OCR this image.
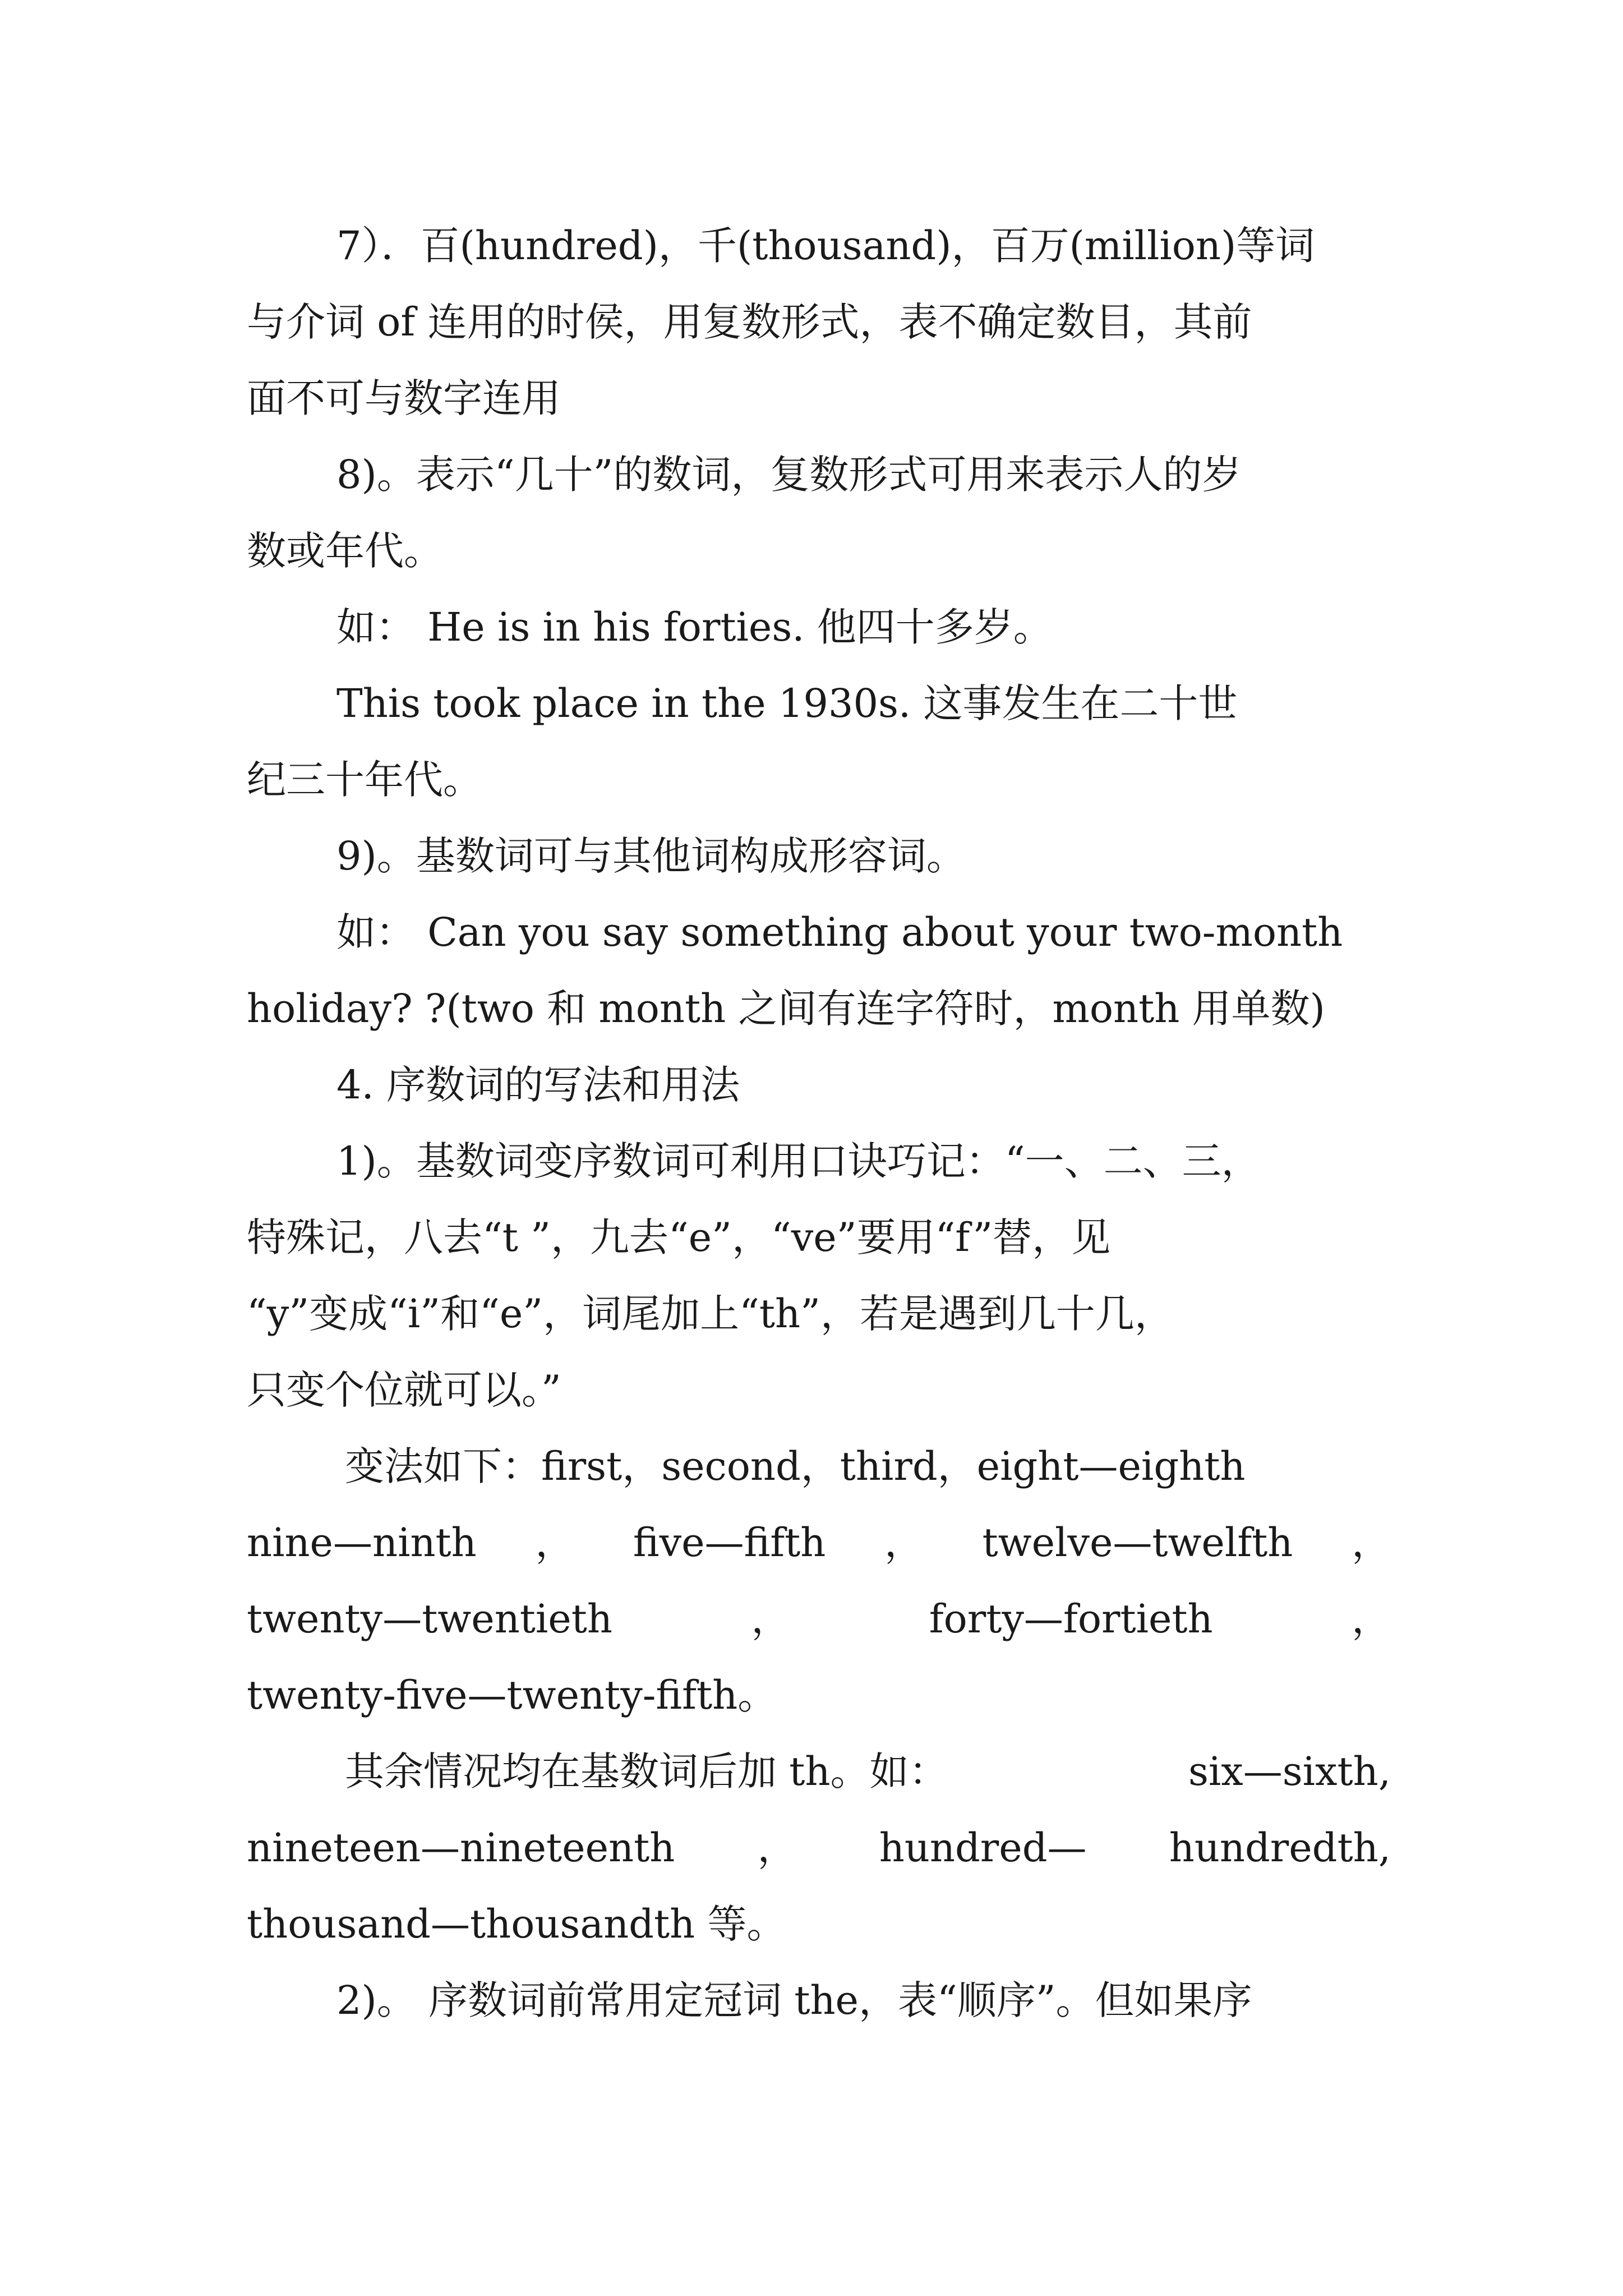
7）．百(hundred)，千(thousand)，百万(million)等词
与介词 of 连用的时侯，用复数形式，表不确定数目，其前
面不可与数字连用
8)。表示“几十”的数词，复数形式可用来表示人的岁
数或年代。
如： He is in his forties. 他四十多岁。
This took place in the 1930s. 这事发生在二十世
纪三十年代。
9)。基数词可与其他词构成形容词。
如： Can you say something about your two-month
holiday? ?(two 和 month 之间有连字符时，month 用单数)
4. 序数词的写法和用法
1)。基数词变序数词可利用口诀巧记：“一、二、三，
特殊记，八去“t ”，九去“e”，“ve”要用“f”替，见
“y”变成“i”和“e”，词尾加上“th”，若是遇到几十几，
只变个位就可以。”
变法如下：first，second，third，eight—eighth
nine—ninth ， five—fifth ， twelve—twelfth ，
twenty—twentieth	，	forty—fortieth	，
twenty-five—twenty-fifth。
其余情况均在基数词后加 th。如：	six—sixth,
nineteen—nineteenth ， hundred— hundredth,
thousand—thousandth 等。
2)。 序数词前常用定冠词 the，表“顺序”。但如果序
